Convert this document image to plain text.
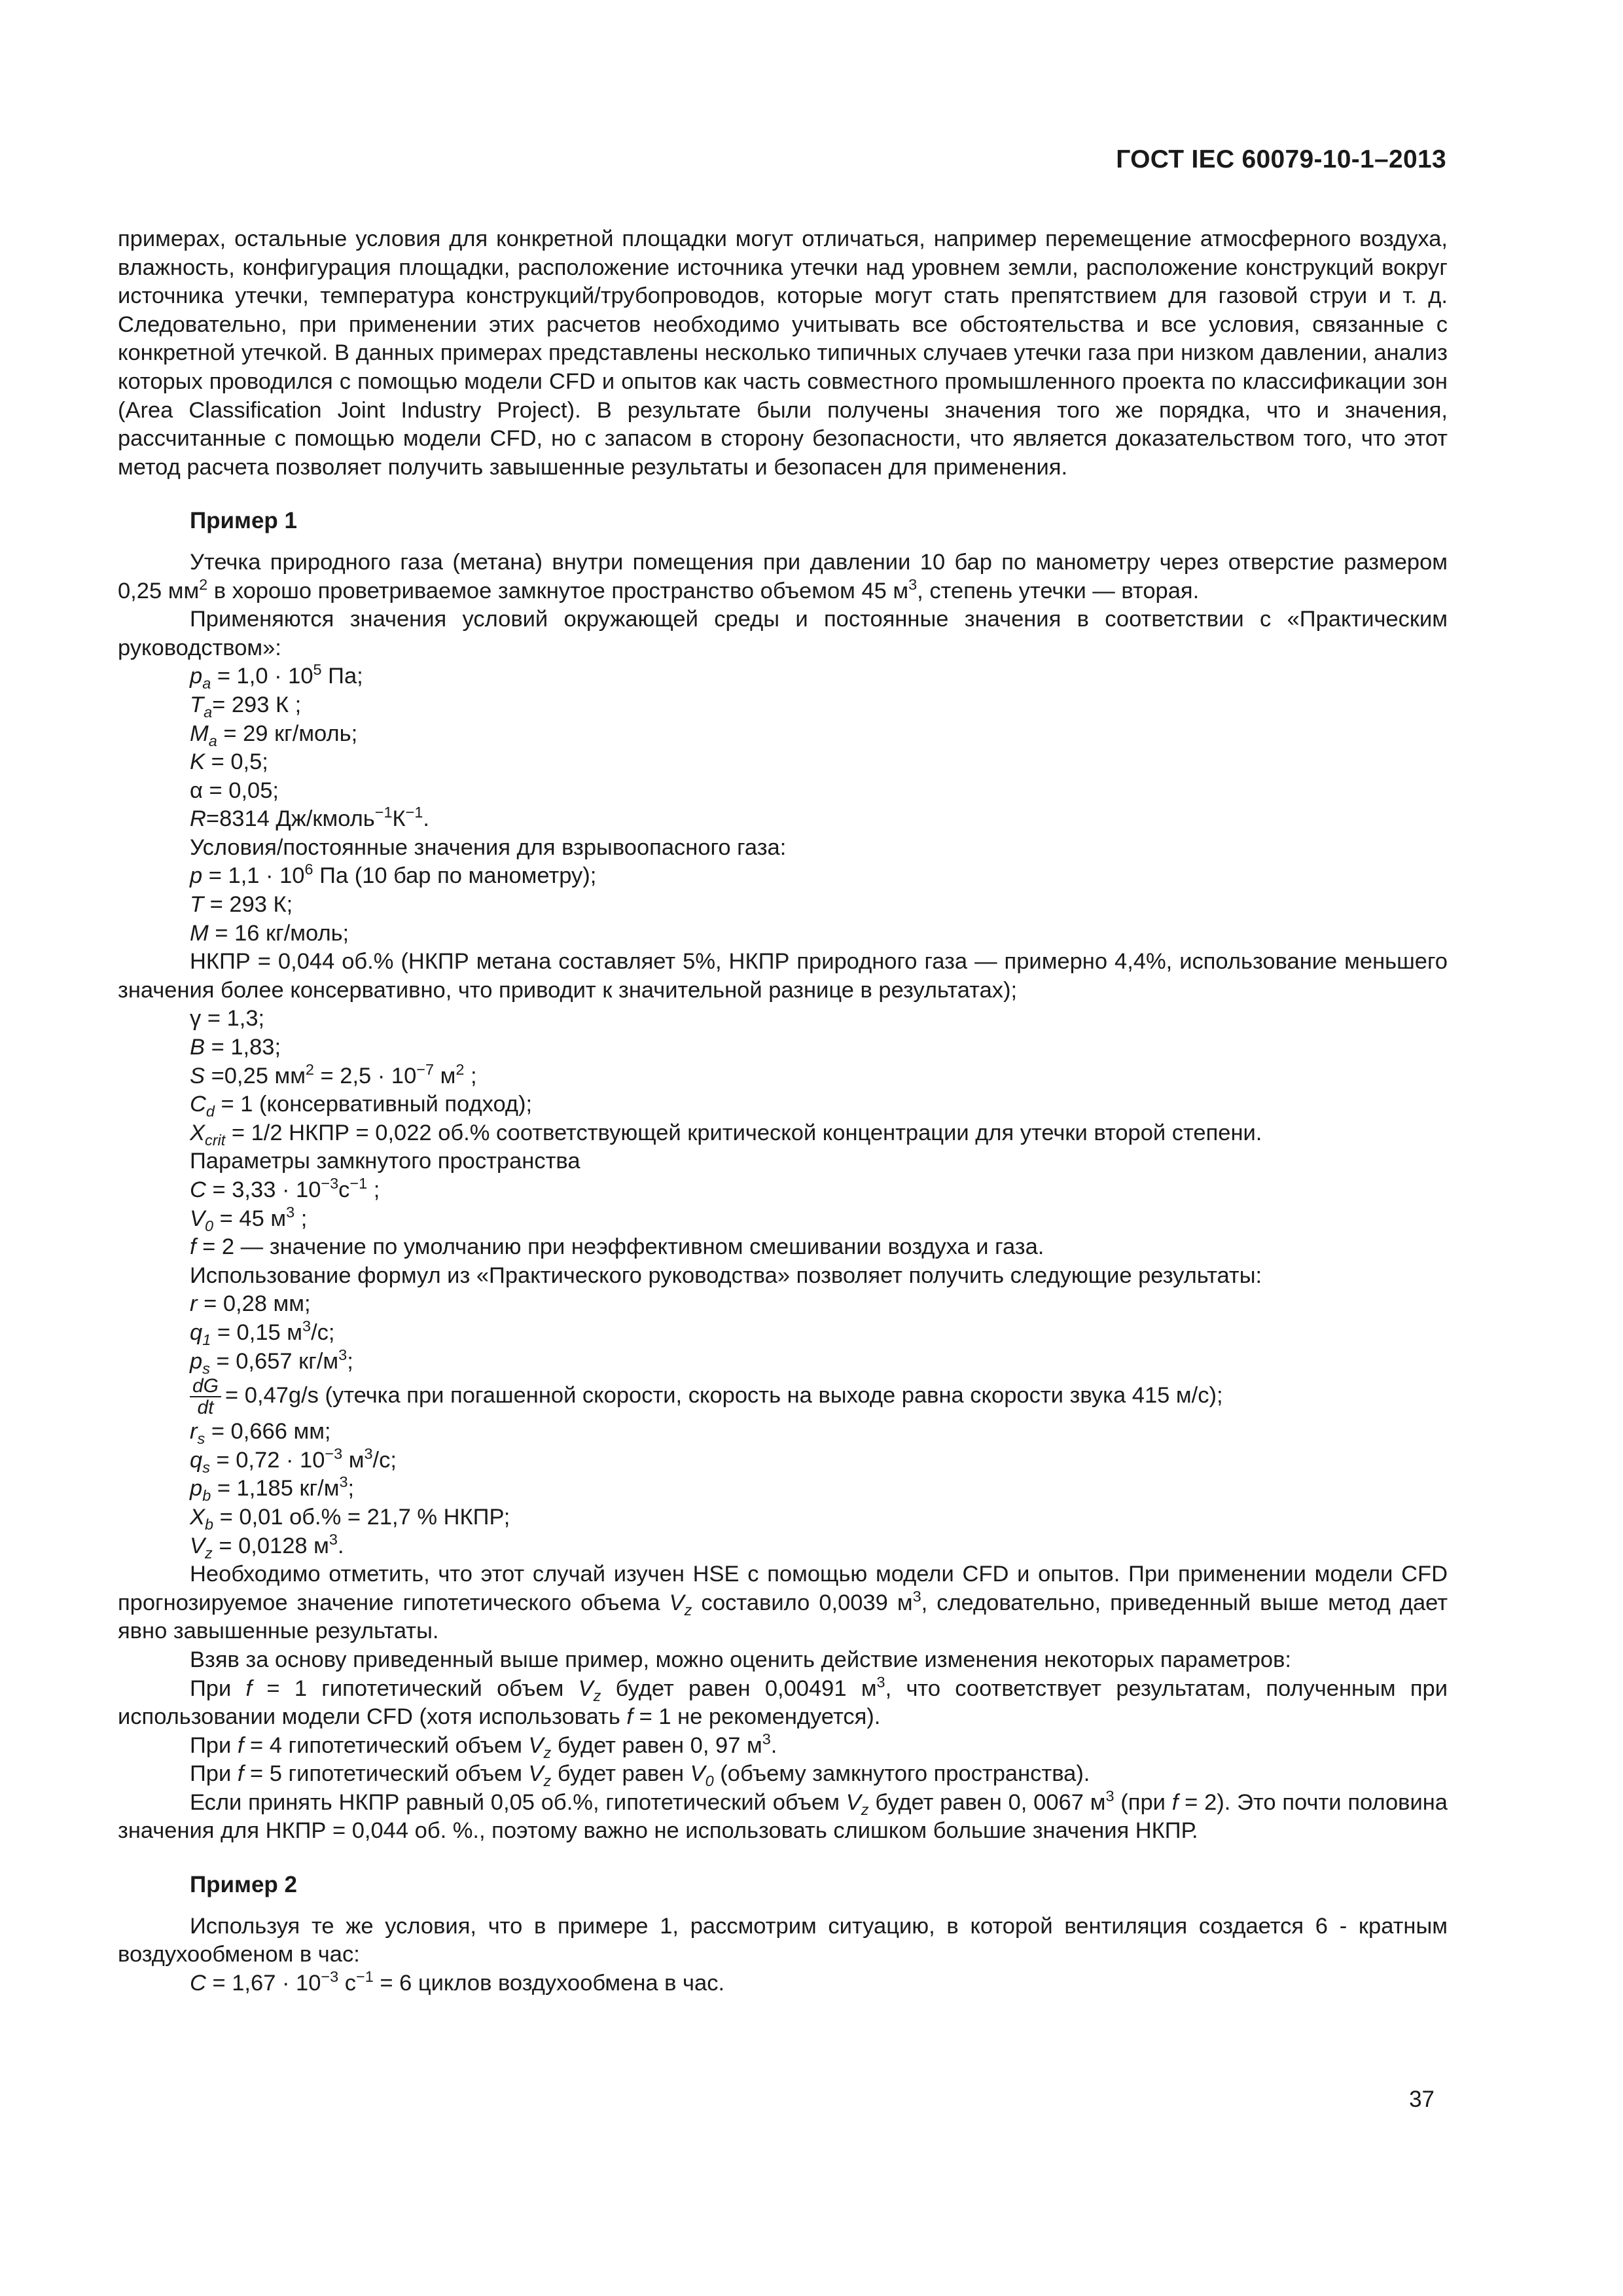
ГОСТ IEC 60079-10-1–2013

примерах, остальные условия для конкретной площадки могут отличаться, например перемещение атмосферного воздуха, влажность, конфигурация площадки, расположение источника утечки над уровнем земли, расположение конструкций вокруг источника утечки, температура конструкций/трубопроводов, которые могут стать препятствием для газовой струи и т. д. Следовательно, при применении этих расчетов необходимо учитывать все обстоятельства и все условия, связанные с конкретной утечкой. В данных примерах представлены несколько типичных случаев утечки газа при низком давлении, анализ которых проводился с помощью модели CFD и опытов как часть совместного промышленного проекта по классификации зон (Area Classification Joint Industry Project). В результате были получены значения того же порядка, что и значения, рассчитанные с помощью модели CFD, но с запасом в сторону безопасности, что является доказательством того, что этот метод расчета позволяет получить завышенные результаты и безопасен для применения.

Пример 1

Утечка природного газа (метана) внутри помещения при давлении 10 бар по манометру через отверстие размером 0,25 $мм^2$ в хорошо проветриваемое замкнутое пространство объемом 45 $м^3$, степень утечки — вторая.

Применяются значения условий окружающей среды и постоянные значения в соответствии с «Практическим руководством»:

$p_a = 1,0 \cdot 10^5$ Па;

$T_a= 293$ К ;

$M_a = 29$ кг/моль;

K = 0,5;

α = 0,05;

R=8314 $Дж/кмоль^{-1}К^{-1}$.

Условия/постоянные значения для взрывоопасного газа:

$p = 1,1 \cdot 10^6$ Па (10 бар по манометру);

T = 293 К;

M = 16 кг/моль;

НКПР = 0,044 об.% (НКПР метана составляет 5%, НКПР природного газа — примерно 4,4%, использование меньшего значения более консервативно, что приводит к значительной разнице в результатах);

γ = 1,3;

B = 1,83;

S =0,25 $мм^2 = 2,5 \cdot 10^{-7}$ $м^2$ ;

$C_d = 1$ (консервативный подход);

$X_{crit} = 1/2$ НКПР = 0,022 об.% соответствующей критической концентрации для утечки второй степени.

Параметры замкнутого пространства

$C = 3,33 \cdot 10^{-3}с^{-1}$ ;

$V_0 = 45$ $м^3$ ;

f = 2 — значение по умолчанию при неэффективном смешивании воздуха и газа.

Использование формул из «Практического руководства» позволяет получить следующие результаты:

r = 0,28 мм;

$q_1 = 0,15$ $м^3/с$;

$p_s = 0,657$ $кг/м^3$;

$\frac{dG}{dt} = 0,47g/s$ (утечка при погашенной скорости, скорость на выходе равна скорости звука 415 м/с);

$r_s = 0,666$ мм;

$q_s = 0,72 \cdot 10^{-3}$ $м^3/с$;

$p_b = 1,185$ $кг/м^3$;

$X_b = 0,01$ об.% = 21,7 % НКПР;

$V_z = 0,0128$ $м^3$.

Необходимо отметить, что этот случай изучен HSE с помощью модели CFD и опытов. При применении модели CFD прогнозируемое значение гипотетического объема $V_z$ составило 0,0039 $м^3$, следовательно, приведенный выше метод дает явно завышенные результаты.

Взяв за основу приведенный выше пример, можно оценить действие изменения некоторых параметров:

При f = 1 гипотетический объем $V_z$ будет равен 0,00491 $м^3$, что соответствует результатам, полученным при использовании модели CFD (хотя использовать f = 1 не рекомендуется).

При f = 4 гипотетический объем $V_z$ будет равен 0, 97 $м^3$.

При f = 5 гипотетический объем $V_z$ будет равен $V_0$ (объему замкнутого пространства).

Если принять НКПР равный 0,05 об.%, гипотетический объем $V_z$ будет равен 0, 0067 $м^3$ (при f = 2). Это почти половина значения для НКПР = 0,044 об. %., поэтому важно не использовать слишком большие значения НКПР.

Пример 2

Используя те же условия, что в примере 1, рассмотрим ситуацию, в которой вентиляция создается 6 - кратным воздухообменом в час:

$C = 1,67 \cdot 10^{-3}$ $с^{-1} = 6$ циклов воздухообмена в час.

37
